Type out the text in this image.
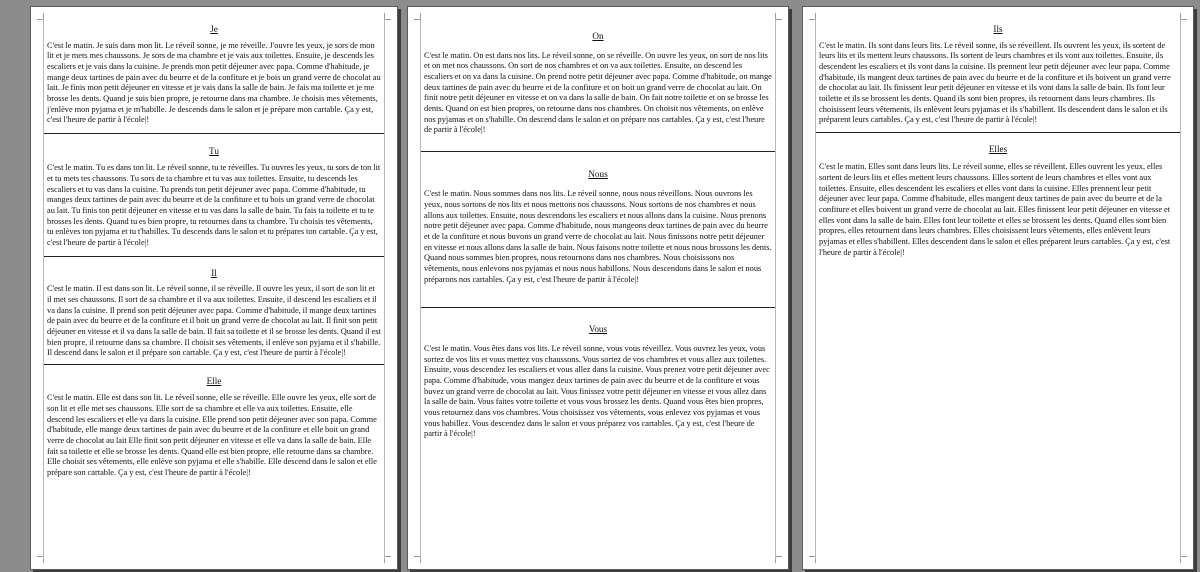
Je

C'est le matin. Je suis dans mon lit. Le réveil sonne, je me réveille. J'ouvre les yeux, je sors de mon lit et je mets mes chaussons. Je sors de ma chambre et je vais aux toilettes. Ensuite, je descends les escaliers et je vais dans la cuisine. Je prends mon petit déjeuner avec papa. Comme d'habitude, je mange deux tartines de pain avec du beurre et de la confiture et je bois un grand verre de chocolat au lait. Je finis mon petit déjeuner en vitesse et je vais dans la salle de bain. Je fais ma toilette et je me brosse les dents. Quand je suis bien propre, je retourne dans ma chambre. Je choisis mes vêtements, j'enlève mon pyjama et je m'habille. Je descends dans le salon et je prépare mon cartable. Ça y est, c'est l'heure de partir à l'école|!

Tu

C'est le matin. Tu es dans ton lit. Le réveil sonne, tu te réveilles. Tu ouvres les yeux, tu sors de ton lit et tu mets tes chaussons. Tu sors de ta chambre et tu vas aux toilettes. Ensuite, tu descends les escaliers et tu vas dans la cuisine. Tu prends ton petit déjeuner avec papa. Comme d'habitude, tu manges deux tartines de pain avec du beurre et de la confiture et tu bois un grand verre de chocolat au lait. Tu finis ton petit déjeuner en vitesse et tu vas dans la salle de bain. Tu fais ta toilette et tu te brosses les dents. Quand tu es bien propre, tu retournes dans ta chambre. Tu choisis tes vêtements, tu enlèves ton pyjama et tu t'habilles. Tu descends dans le salon et tu prépares ton cartable. Ça y est, c'est l'heure de partir à l'école|!

Il

C'est le matin. Il est dans son lit. Le réveil sonne, il se réveille. Il ouvre les yeux, il sort de son lit et il met ses chaussons. Il sort de sa chambre et il va aux toilettes. Ensuite, il descend les escaliers et il va dans la cuisine. Il prend son petit déjeuner avec papa. Comme d'habitude, il mange deux tartines de pain avec du beurre et de la confiture et il boit un grand verre de chocolat au lait. Il finit son petit déjeuner en vitesse et il va dans la salle de bain. Il fait sa toilette et il se brosse les dents. Quand il est bien propre, il retourne dans sa chambre. Il choisit ses vêtements, il enlève son pyjama et il s'habille. Il descend dans le salon et il prépare son cartable. Ça y est, c'est l'heure de partir à l'école|!

Elle

C'est le matin. Elle est dans son lit. Le réveil sonne, elle se réveille. Elle ouvre les yeux, elle sort de son lit et elle met ses chaussons. Elle sort de sa chambre et elle va aux toilettes. Ensuite, elle descend les escaliers et elle va dans la cuisine. Elle prend son petit déjeuner avec son papa. Comme d'habitude, elle mange deux tartines de pain avec du beurre et de la confiture et elle boit un grand verre de chocolat au lait Elle finit son petit déjeuner en vitesse et elle va dans la salle de bain. Elle fait sa toilette et elle se brosse les dents. Quand elle est bien propre, elle retourne dans sa chambre. Elle choisit ses vêtements, elle enlève son pyjama et elle s'habille. Elle descend dans le salon et elle prépare son cartable. Ça y est, c'est l'heure de partir à l'école|!

On

C'est le matin. On est dans nos lits. Le réveil sonne, on se réveille. On ouvre les yeux, on sort de nos lits et on met nos chaussons. On sort de nos chambres et on va aux toilettes. Ensuite, on descend les escaliers et on va dans la cuisine. On prend notre petit déjeuner avec papa. Comme d'habitude, on mange deux tartines de pain avec du beurre et de la confiture et on boit un grand verre de chocolat au lait. On finit notre petit déjeuner en vitesse et on va dans la salle de bain. On fait notre toilette et on se brosse les dents. Quand on est bien propres, on retourne dans nos chambres. On choisit nos vêtements, on enlève nos pyjamas et on s'habille. On descend dans le salon et on prépare nos cartables. Ça y est, c'est l'heure de partir à l'école|!

Nous

C'est le matin. Nous sommes dans nos lits. Le réveil sonne, nous nous réveillons. Nous ouvrons les yeux, nous sortons de nos lits et nous mettons nos chaussons. Nous sortons de nos chambres et nous allons aux toilettes. Ensuite, nous descendons les escaliers et nous allons dans la cuisine. Nous prenons notre petit déjeuner avec papa. Comme d'habitude, nous mangeons deux tartines de pain avec du beurre et de la confiture et nous buvons un grand verre de chocolat au lait. Nous finissons notre petit déjeuner en vitesse et nous allons dans la salle de bain. Nous faisons notre toilette et nous nous brossons les dents. Quand nous sommes bien propres, nous retournons dans nos chambres. Nous choisissons nos vêtements, nous enlevons nos pyjamas et nous nous habillons. Nous descendons dans le salon et nous préparons nos cartables. Ça y est, c'est l'heure de partir à l'école|!

Vous

C'est le matin. Vous êtes dans vos lits. Le réveil sonne, vous vous réveillez. Vous ouvrez les yeux, vous sortez de vos lits et vous mettez vos chaussons. Vous sortez de vos chambres et vous allez aux toilettes. Ensuite, vous descendez les escaliers et vous allez dans la cuisine. Vous prenez votre petit déjeuner avec papa. Comme d'habitude, vous mangez deux tartines de pain avec du beurre et de la confiture et vous buvez un grand verre de chocolat au lait. Vous finissez votre petit déjeuner en vitesse et vous allez dans la salle de bain. Vous faites votre toilette et vous vous brossez les dents. Quand vous êtes bien propres, vous retournez dans vos chambres. Vous choisissez vos vêtements, vous enlevez vos pyjamas et vous vous habillez. Vous descendez dans le salon et vous préparez vos cartables. Ça y est, c'est l'heure de partir à l'école|!

Ils

C'est le matin. Ils sont dans leurs lits. Le réveil sonne, ils se réveillent. Ils ouvrent les yeux, ils sortent de leurs lits et ils mettent leurs chaussons. Ils sortent de leurs chambres et ils vont aux toilettes. Ensuite, ils descendent les escaliers et ils vont dans la cuisine. Ils prennent leur petit déjeuner avec leur papa. Comme d'habitude, ils mangent deux tartines de pain avec du beurre et de la confiture et ils boivent un grand verre de chocolat au lait. Ils finissent leur petit déjeuner en vitesse et ils vont dans la salle de bain. Ils font leur toilette et ils se brossent les dents. Quand ils sont bien propres, ils retournent dans leurs chambres. Ils choisissent leurs vêtements, ils enlèvent leurs pyjamas et ils s'habillent. Ils descendent dans le salon et ils préparent leurs cartables. Ça y est, c'est l'heure de partir à l'école|!

Elles

C'est le matin. Elles sont dans leurs lits. Le réveil sonne, elles se réveillent. Elles ouvrent les yeux, elles sortent de leurs lits et elles mettent leurs chaussons. Elles sortent de leurs chambres et elles vont aux toilettes. Ensuite, elles descendent les escaliers et elles vont dans la cuisine. Elles prennent leur petit déjeuner avec leur papa. Comme d'habitude, elles mangent deux tartines de pain avec du beurre et de la confiture et elles boivent un grand verre de chocolat au lait. Elles finissent leur petit déjeuner en vitesse et elles vont dans la salle de bain. Elles font leur toilette et elles se brossent les dents. Quand elles sont bien propres, elles retournent dans leurs chambres. Elles choisissent leurs vêtements, elles enlèvent leurs pyjamas et elles s'habillent. Elles descendent dans le salon et elles préparent leurs cartables. Ça y est, c'est l'heure de partir à l'école|!
